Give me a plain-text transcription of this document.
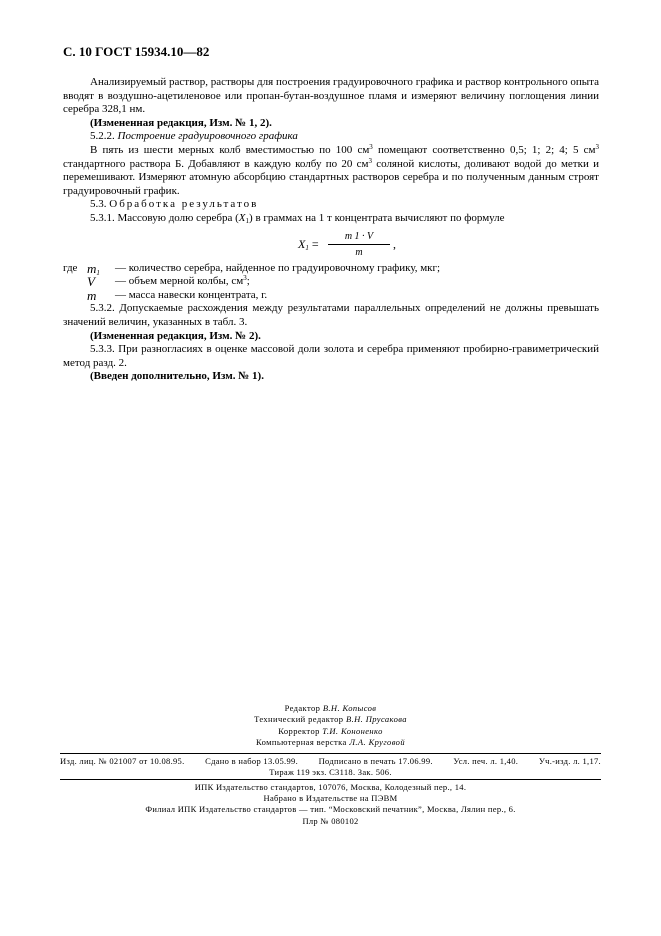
С. 10 ГОСТ 15934.10—82

Анализируемый раствор, растворы для построения градуировочного графика и раствор контрольного опыта вводят в воздушно-ацетиленовое или пропан-бутан-воздушное пламя и измеряют величину поглощения линии серебра 328,1 нм.

(Измененная редакция, Изм. № 1, 2).

5.2.2. Построение градуировочного графика

В пять из шести мерных колб вместимостью по 100 $см^3$ помещают соответственно 0,5; 1; 2; 4; 5 $см^3$ стандартного раствора Б. Добавляют в каждую колбу по 20 $см^3$ соляной кислоты, доливают водой до метки и перемешивают. Измеряют атомную абсорбцию стандартных растворов серебра и по полученным данным строят градуировочный график.

5.3. Обработка результатов

5.3.1. Массовую долю серебра $(X_1)$ в граммах на 1 т концентрата вычисляют по формуле

$X_1 = \frac{m 1 \cdot V}{m}$ ,
где $m_1$ — количество серебра, найденное по градуировочному графику, мкг;
V — объем мерной колбы, $см^3$;
m — масса навески концентрата, г.

5.3.2. Допускаемые расхождения между результатами параллельных определений не должны превышать значений величин, указанных в табл. 3.

(Измененная редакция, Изм. № 2).

5.3.3. При разногласиях в оценке массовой доли золота и серебра применяют пробирно-гравиметрический метод разд. 2.

(Введен дополнительно, Изм. № 1).

Редактор В.Н. Копысов
Технический редактор В.Н. Прусакова
Корректор Т.И. Кононенко
Компьютерная верстка Л.А. Круговой
Изд. лиц. № 021007 от 10.08.95. Сдано в набор 13.05.99. Подписано в печать 17.06.99. Усл. печ. л. 1,40. Уч.-изд. л. 1,17.
Тираж 119 экз. С3118. Зак. 506.
ИПК Издательство стандартов, 107076, Москва, Колодезный пер., 14.
Набрано в Издательстве на ПЭВМ
Филиал ИПК Издательство стандартов — тип. “Московский печатник”, Москва, Лялин пер., 6.
Плр № 080102
